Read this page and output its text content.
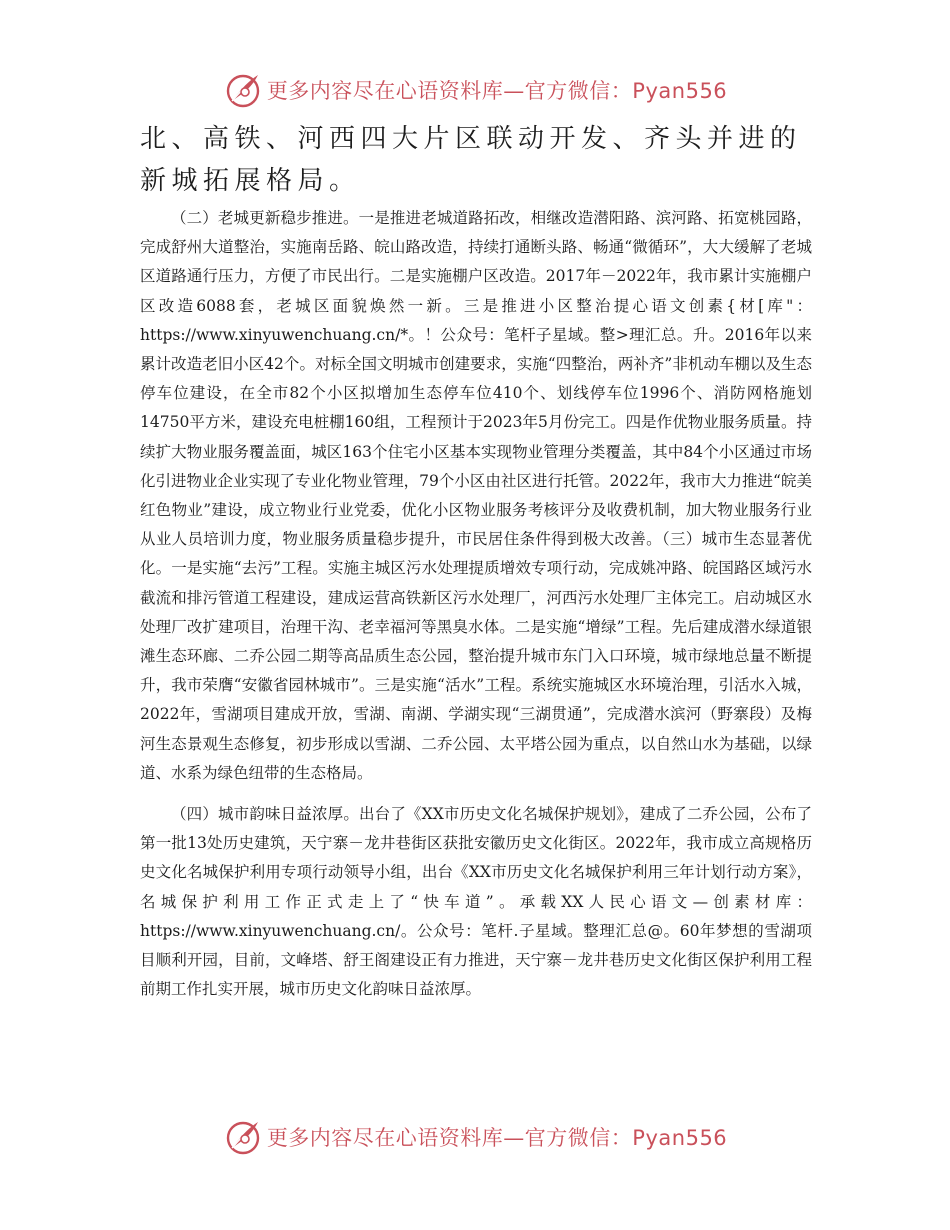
更多内容尽在心语资料库—官方微信：Pyan556

北、高铁、河西四大片区联动开发、齐头并进的新城拓展格局。

（二）老城更新稳步推进。一是推进老城道路拓改，相继改造潜阳路、滨河路、拓宽桃园路，完成舒州大道整治，实施南岳路、皖山路改造，持续打通断头路、畅通“微循环”，大大缓解了老城区道路通行压力，方便了市民出行。二是实施棚户区改造。2017年－2022年，我市累计实施棚户区改造6088套，老城区面貌焕然一新。三是推进小区整治提心语文创素{材[库"：https://www.xinyuwenchuang.cn/*。！公众号：笔杆子星域。整>理汇总。升。2016年以来累计改造老旧小区42个。对标全国文明城市创建要求，实施“四整治，两补齐”非机动车棚以及生态停车位建设，在全市82个小区拟增加生态停车位410个、划线停车位1996个、消防网格施划14750平方米，建设充电桩棚160组，工程预计于2023年5月份完工。四是作优物业服务质量。持续扩大物业服务覆盖面，城区163个住宅小区基本实现物业管理分类覆盖，其中84个小区通过市场化引进物业企业实现了专业化物业管理，79个小区由社区进行托管。2022年，我市大力推进“皖美红色物业”建设，成立物业行业党委，优化小区物业服务考核评分及收费机制，加大物业服务行业从业人员培训力度，物业服务质量稳步提升，市民居住条件得到极大改善。（三）城市生态显著优化。一是实施“去污”工程。实施主城区污水处理提质增效专项行动，完成姚冲路、皖国路区域污水截流和排污管道工程建设，建成运营高铁新区污水处理厂，河西污水处理厂主体完工。启动城区水处理厂改扩建项目，治理干沟、老幸福河等黑臭水体。二是实施“增绿”工程。先后建成潜水绿道银滩生态环廊、二乔公园二期等高品质生态公园，整治提升城市东门入口环境，城市绿地总量不断提升，我市荣膺“安徽省园林城市”。三是实施“活水”工程。系统实施城区水环境治理，引活水入城，2022年，雪湖项目建成开放，雪湖、南湖、学湖实现“三湖贯通”，完成潜水滨河（野寨段）及梅河生态景观生态修复，初步形成以雪湖、二乔公园、太平塔公园为重点，以自然山水为基础，以绿道、水系为绿色纽带的生态格局。

（四）城市韵味日益浓厚。出台了《XX市历史文化名城保护规划》，建成了二乔公园，公布了第一批13处历史建筑，天宁寨－龙井巷街区获批安徽历史文化街区。2022年，我市成立高规格历史文化名城保护利用专项行动领导小组，出台《XX市历史文化名城保护利用三年计划行动方案》，名城保护利用工作正式走上了“快车道”。承载XX人民心语文—创素材库：https://www.xinyuwenchuang.cn/。公众号：笔杆.子星域。整理汇总@。60年梦想的雪湖项目顺利开园，目前，文峰塔、舒王阁建设正有力推进，天宁寨－龙井巷历史文化街区保护利用工程前期工作扎实开展，城市历史文化韵味日益浓厚。

更多内容尽在心语资料库—官方微信：Pyan556
